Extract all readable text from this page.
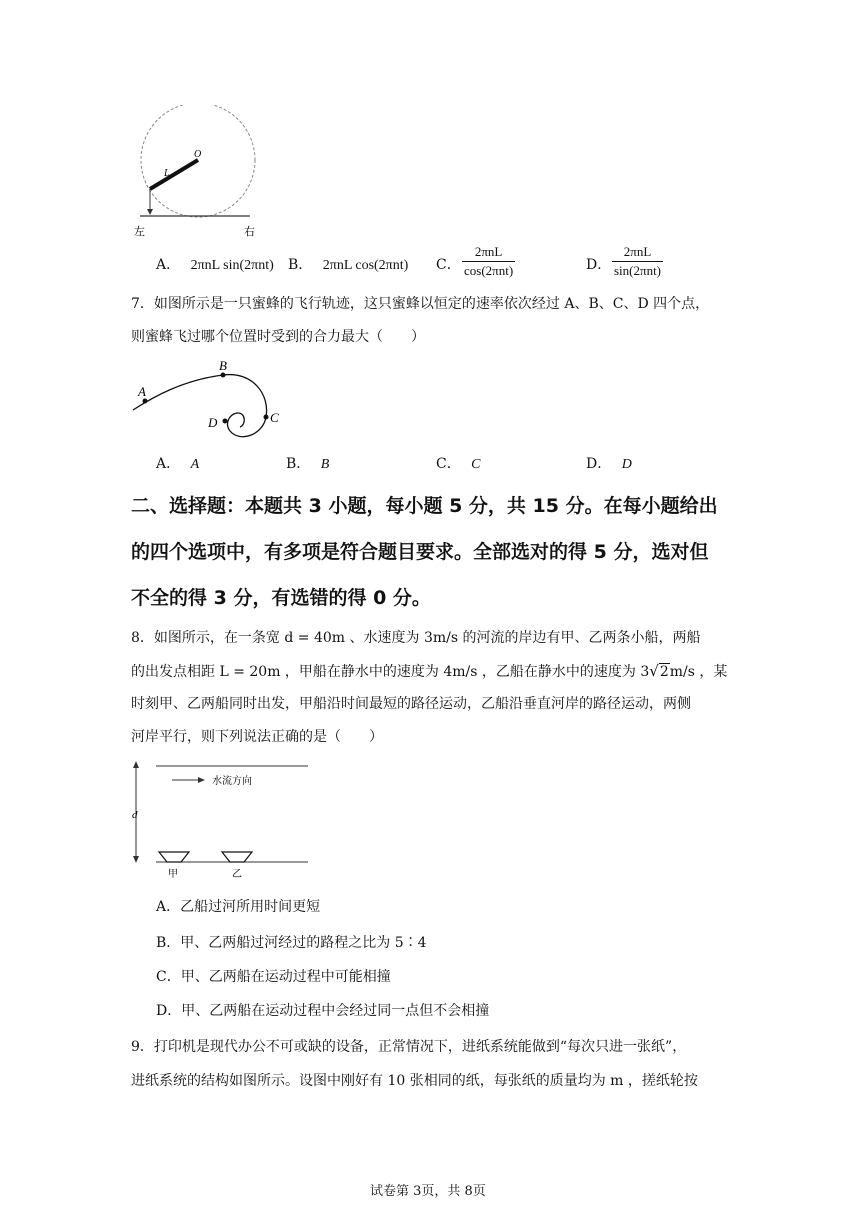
O
L
左	右
A． 2πnL sin(2πnt) B． 2πnL cos(2πnt) C． $\frac{\text{2πnL}}{\text{cos(2πnt)}}$	D． $\frac{\text{2πnL}}{\text{sin(2πnt)}}$
7．如图所示是一只蜜蜂的飞行轨迹，这只蜜蜂以恒定的速率依次经过 A、B、C、D 四个点，
则蜜蜂飞过哪个位置时受到的合力最大（　　）
A
B
C
D
A． A	B． B	C． C	D． D
二、选择题：本题共 3 小题，每小题 5 分，共 15 分。在每小题给出
的四个选项中，有多项是符合题目要求。全部选对的得 5 分，选对但
不全的得 3 分，有选错的得 0 分。
8．如图所示，在一条宽 d = 40m 、水速度为 3m/s 的河流的岸边有甲、乙两条小船，两船
的出发点相距 L = 20m ，甲船在静水中的速度为 4m/s ，乙船在静水中的速度为 3√2m/s ，某
时刻甲、乙两船同时出发，甲船沿时间最短的路径运动，乙船沿垂直河岸的路径运动，两侧
河岸平行，则下列说法正确的是（　　）
d
水流方向
甲	乙
A．乙船过河所用时间更短
B．甲、乙两船过河经过的路程之比为 5∶4
C．甲、乙两船在运动过程中可能相撞
D．甲、乙两船在运动过程中会经过同一点但不会相撞
9．打印机是现代办公不可或缺的设备，正常情况下，进纸系统能做到“每次只进一张纸”，
进纸系统的结构如图所示。设图中刚好有 10 张相同的纸，每张纸的质量均为 m ，搓纸轮按
试卷第 3页，共 8页
